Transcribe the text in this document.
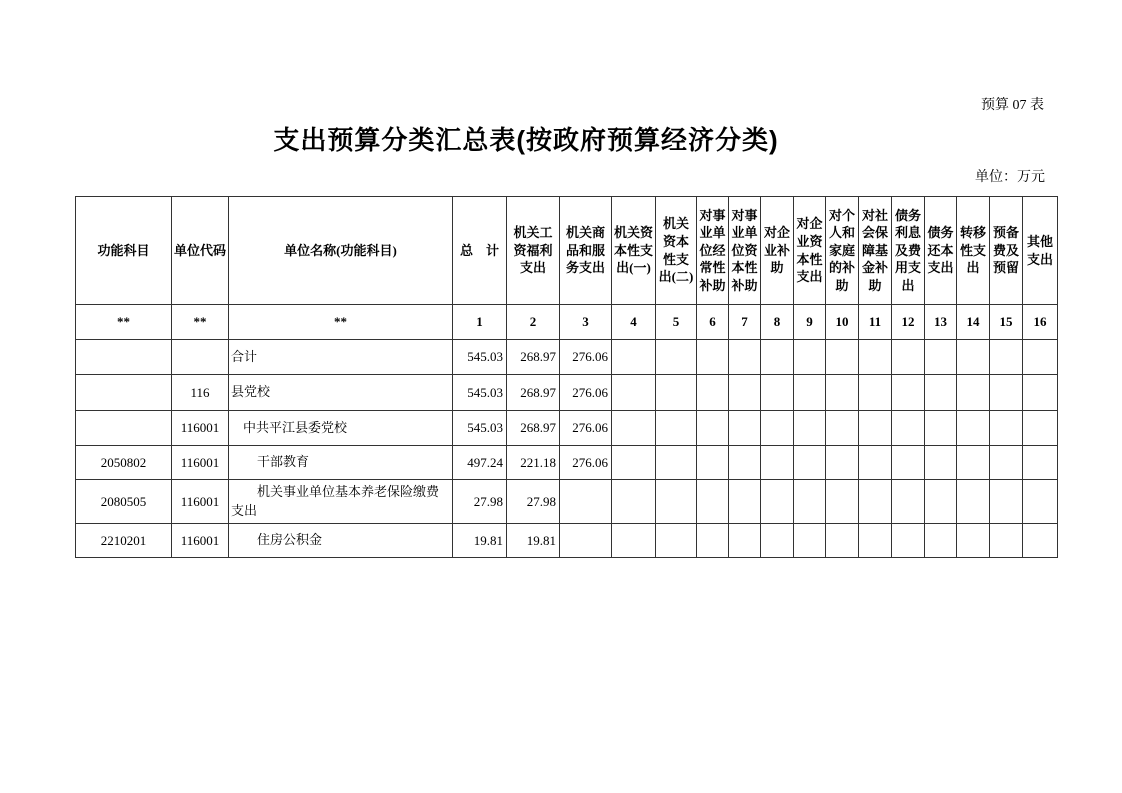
预算 07 表
支出预算分类汇总表(按政府预算经济分类)
单位：万元
功能科目	单位代码	单位名称(功能科目)	总　计	机关工资福利支出	机关商品和服务支出	机关资本性支出(一)	机关资本性支出(二)	对事业单位经常性补助	对事业单位资本性补助	对企业补助	对企业资本性支出	对个人和家庭的补助	对社会保障基金补助	债务利息及费用支出	债务还本支出	转移性支出	预备费及预留	其他支出
**	**	**	1	2	3	4	5	6	7	8	9	10	11	12	13	14	15	16
		合计	545.03	268.97	276.06													
	116	县党校	545.03	268.97	276.06													
	116001	中共平江县委党校	545.03	268.97	276.06													
2050802	116001	干部教育	497.24	221.18	276.06													
2080505	116001	机关事业单位基本养老保险缴费支出	27.98	27.98														
2210201	116001	住房公积金	19.81	19.81														
